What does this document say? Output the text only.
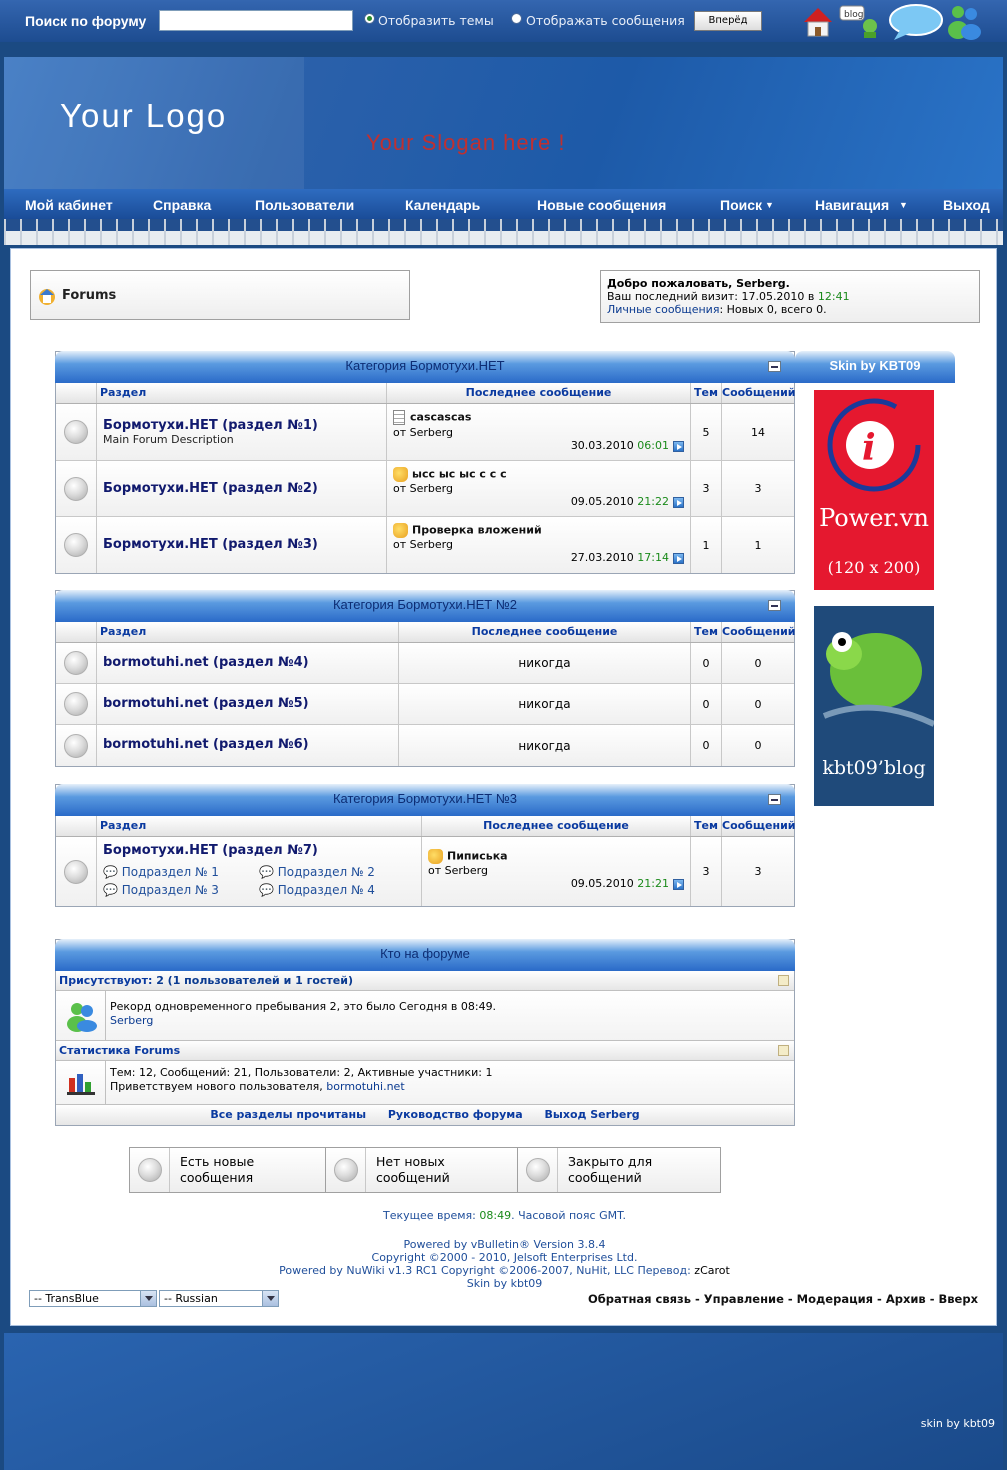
Поиск по форуму	Отобразить темы	Отображать сообщения	Вперёд	blog
Your Logo
Your Slogan here !
Мой кабинет	Справка	Пользователи	Календарь	Новые сообщения	Поиск ▼	Навигация ▼	Выход
Forums
Добро пожаловать, Serberg.
Ваш последний визит: 17.05.2010 в 12:41
Личные сообщения: Новых 0, всего 0.
Категория Бормотухи.НЕТ
Раздел	Последнее сообщение	Тем Сообщений
Бормотухи.НЕТ (раздел №1)
Main Forum Description
cascascas
от Serberg
30.03.2010 06:01
5	14
Бормотухи.НЕТ (раздел №2)
ысс ыс ыс с с с
от Serberg
09.05.2010 21:22
3	3
Бормотухи.НЕТ (раздел №3)
Проверка вложений
от Serberg
27.03.2010 17:14
1	1
Категория Бормотухи.НЕТ №2
Раздел	Последнее сообщение	Тем Сообщений
bormotuhi.net (раздел №4)	никогда	0	0
bormotuhi.net (раздел №5)	никогда	0	0
bormotuhi.net (раздел №6)	никогда	0	0
Категория Бормотухи.НЕТ №3
Раздел	Последнее сообщение	Тем Сообщений
Бормотухи.НЕТ (раздел №7)
💬 Подраздел № 1	💬 Подраздел № 2
💬 Подраздел № 3	💬 Подраздел № 4
Пиписька
от Serberg
09.05.2010 21:21
3	3
Skin by KBT09
i
Power.vn
(120 x 200)
kbt09’blog
Кто на форуме
Присутствуют: 2 (1 пользователей и 1 гостей)
Рекорд одновременного пребывания 2, это было Сегодня в 08:49.
Serberg
Статистика Forums
Тем: 12, Сообщений: 21, Пользователи: 2, Активные участники: 1
Приветствуем нового пользователя, bormotuhi.net
Все разделы прочитаны Руководство форума Выход Serberg
Есть новые
сообщения
Нет новых
сообщений
Закрыто для
сообщений
Текущее время: 08:49. Часовой пояс GMT.
Powered by vBulletin® Version 3.8.4
Copyright ©2000 - 2010, Jelsoft Enterprises Ltd.
Powered by NuWiki v1.3 RC1 Copyright ©2006-2007, NuHit, LLC Перевод: zCarot
Skin by kbt09
-- TransBlue	-- Russian	Обратная связь - Управление - Модерация - Архив - Вверх
skin by kbt09
